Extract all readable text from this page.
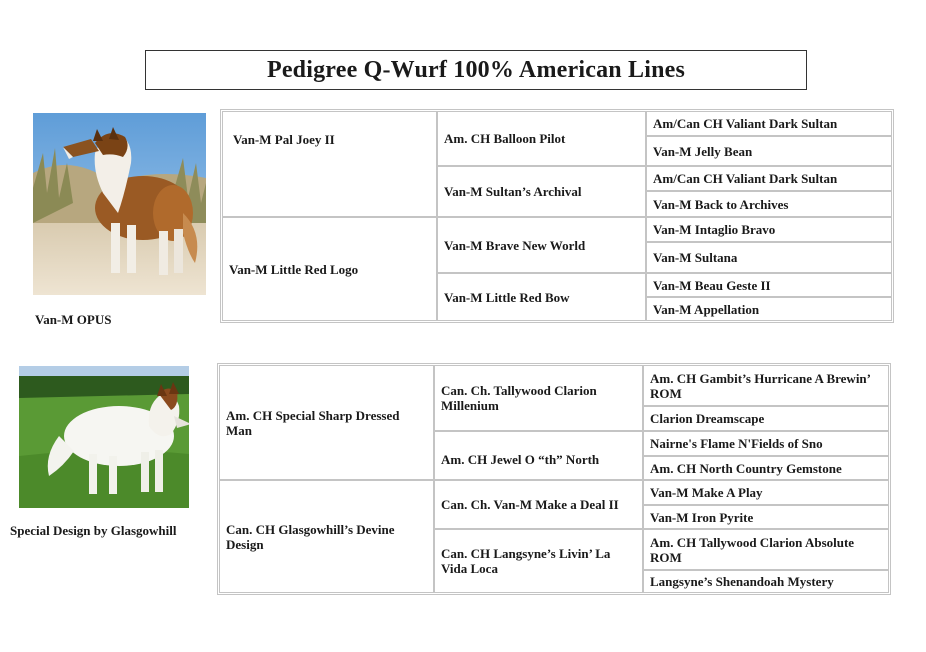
Pedigree Q-Wurf 100% American Lines
Van-M OPUS
Special Design by Glasgowhill
Van-M Pal Joey II
Van-M Little Red Logo
Am. CH Balloon Pilot
Van-M Sultan’s Archival
Van-M Brave New World
Van-M Little Red Bow
Am/Can CH Valiant Dark Sultan
Van-M Jelly Bean
Am/Can CH Valiant Dark Sultan
Van-M Back to Archives
Van-M Intaglio Bravo
Van-M Sultana
Van-M Beau Geste II
Van-M Appellation
Am. CH Special Sharp Dressed Man
Can. CH Glasgowhill’s Devine Design
Can. Ch. Tallywood Clarion Millenium
Am. CH Jewel O “th” North
Can. Ch. Van-M Make a Deal II
Can. CH Langsyne’s Livin’ La Vida Loca
Am. CH Gambit’s Hurricane A Brewin’ ROM
Clarion Dreamscape
Nairne's Flame N'Fields of Sno
Am. CH North Country Gemstone
Van-M Make A Play
Van-M Iron Pyrite
Am. CH Tallywood Clarion Absolute ROM
Langsyne’s Shenandoah Mystery
